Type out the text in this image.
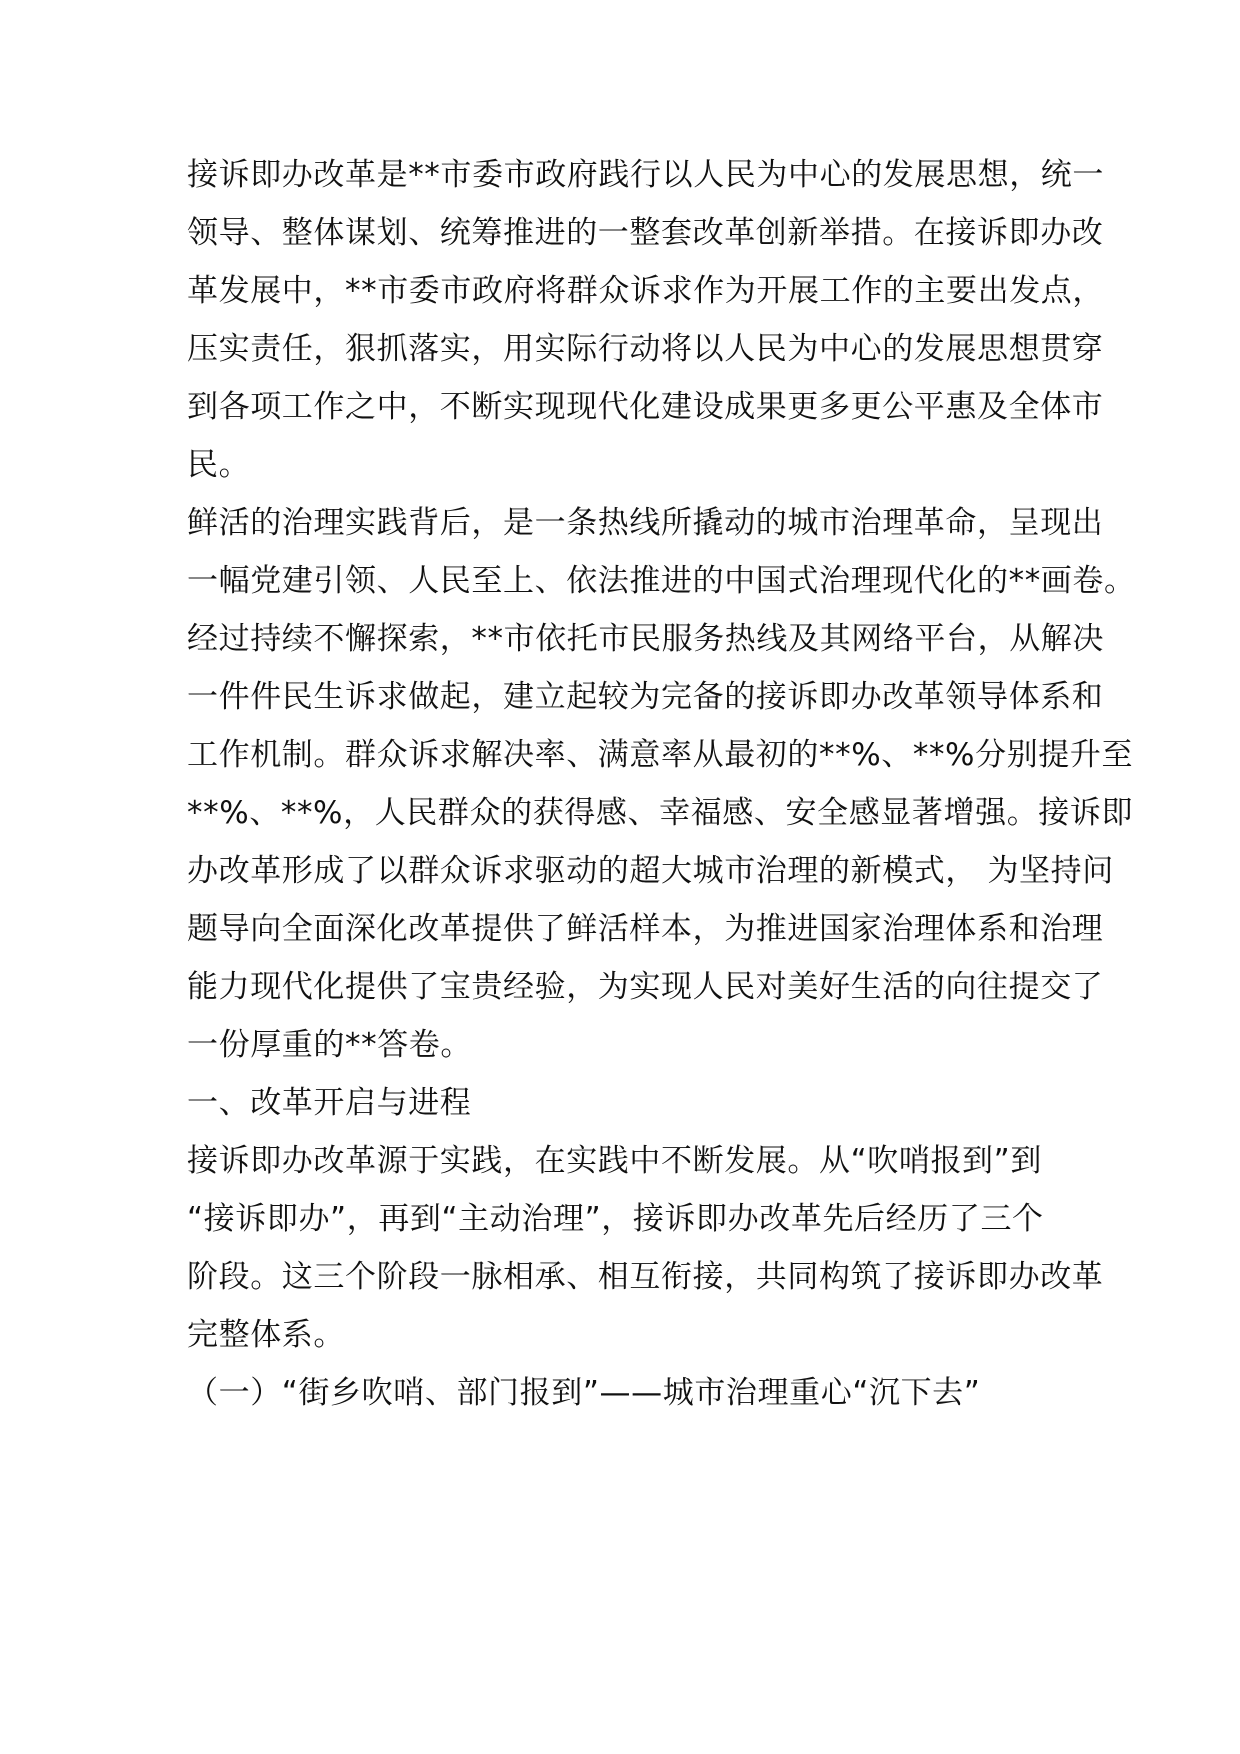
接诉即办改革是**市委市政府践行以人民为中心的发展思想，统一

领导、整体谋划、统筹推进的一整套改革创新举措。在接诉即办改

革发展中，**市委市政府将群众诉求作为开展工作的主要出发点，

压实责任，狠抓落实，用实际行动将以人民为中心的发展思想贯穿

到各项工作之中，不断实现现代化建设成果更多更公平惠及全体市

民。

鲜活的治理实践背后，是一条热线所撬动的城市治理革命，呈现出

一幅党建引领、人民至上、依法推进的中国式治理现代化的**画卷。

经过持续不懈探索，**市依托市民服务热线及其网络平台，从解决

一件件民生诉求做起，建立起较为完备的接诉即办改革领导体系和

工作机制。群众诉求解决率、满意率从最初的**%、**%分别提升至

**%、**%，人民群众的获得感、幸福感、安全感显著增强。接诉即

办改革形成了以群众诉求驱动的超大城市治理的新模式， 为坚持问

题导向全面深化改革提供了鲜活样本，为推进国家治理体系和治理

能力现代化提供了宝贵经验，为实现人民对美好生活的向往提交了

一份厚重的**答卷。

一、改革开启与进程

接诉即办改革源于实践，在实践中不断发展。从“吹哨报到”到

“接诉即办”，再到“主动治理”，接诉即办改革先后经历了三个

阶段。这三个阶段一脉相承、相互衔接，共同构筑了接诉即办改革

完整体系。

（一）“街乡吹哨、部门报到”——城市治理重心“沉下去”
